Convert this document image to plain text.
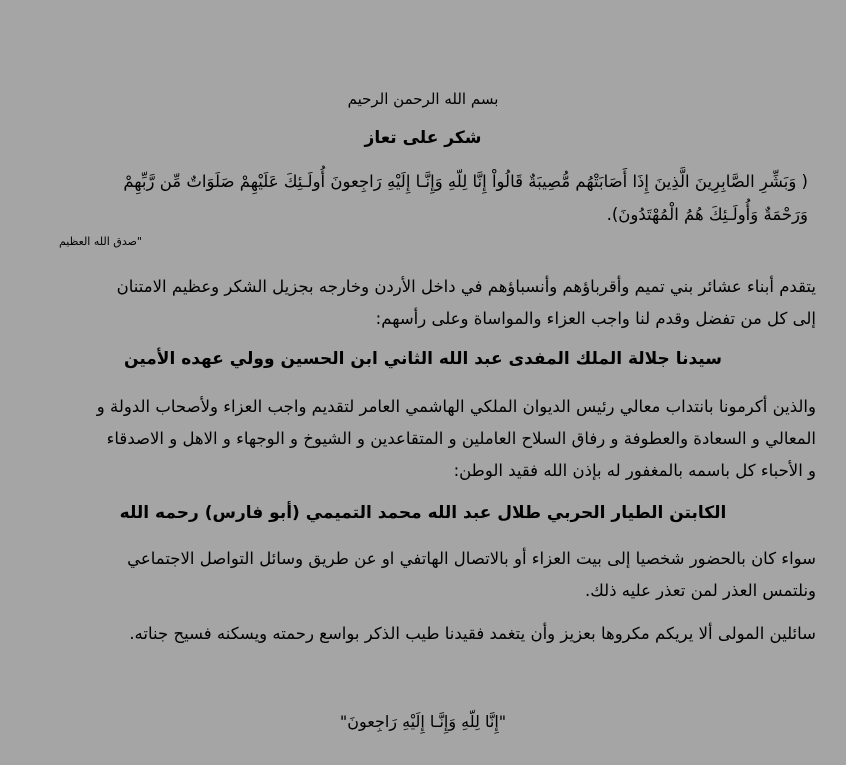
بسم الله الرحمن الرحيم
شكر على تعاز
( وَبَشِّرِ الصَّابِرِينَ الَّذِينَ إِذَا أَصَابَتْهُم مُّصِيبَةٌ قَالُواْ إِنَّا لِلّهِ وَإِنَّـا إِلَيْهِ رَاجِعونَ أُولَـئِكَ عَلَيْهِمْ صَلَوَاتٌ مِّن رَّبِّهِمْ
وَرَحْمَةٌ وَأُولَـئِكَ هُمُ الْمُهْتَدُونَ).
"صدق الله العظيم
يتقدم أبناء عشائر بني تميم وأقرباؤهم وأنسباؤهم في داخل الأردن وخارجه بجزيل الشكر وعظيم الامتنان
إلى كل من تفضل وقدم لنا واجب العزاء والمواساة وعلى رأسهم:
سيدنا جلالة الملك المفدى عبد الله الثاني ابن الحسين وولي عهده الأمين
والذين أكرمونا بانتداب معالي رئيس الديوان الملكي الهاشمي العامر لتقديم واجب العزاء ولأصحاب الدولة و
المعالي و السعادة والعطوفة و رفاق السلاح العاملين و المتقاعدين و الشيوخ و الوجهاء و الاهل و الاصدقاء
و الأحباء كل باسمه بالمغفور له بإذن الله فقيد الوطن:
الكابتن الطيار الحربي طلال عبد الله محمد التميمي (أبو فارس) رحمه الله
سواء كان بالحضور شخصيا إلى بيت العزاء أو بالاتصال الهاتفي او عن طريق وسائل التواصل الاجتماعي
ونلتمس العذر لمن تعذر عليه ذلك.
سائلين المولى ألا يريكم مكروها بعزيز وأن يتغمد فقيدنا طيب الذكر بواسع رحمته ويسكنه فسيح جناته.
"إِنَّا لِلّهِ وَإِنَّـا إِلَيْهِ رَاجِعونَ"
